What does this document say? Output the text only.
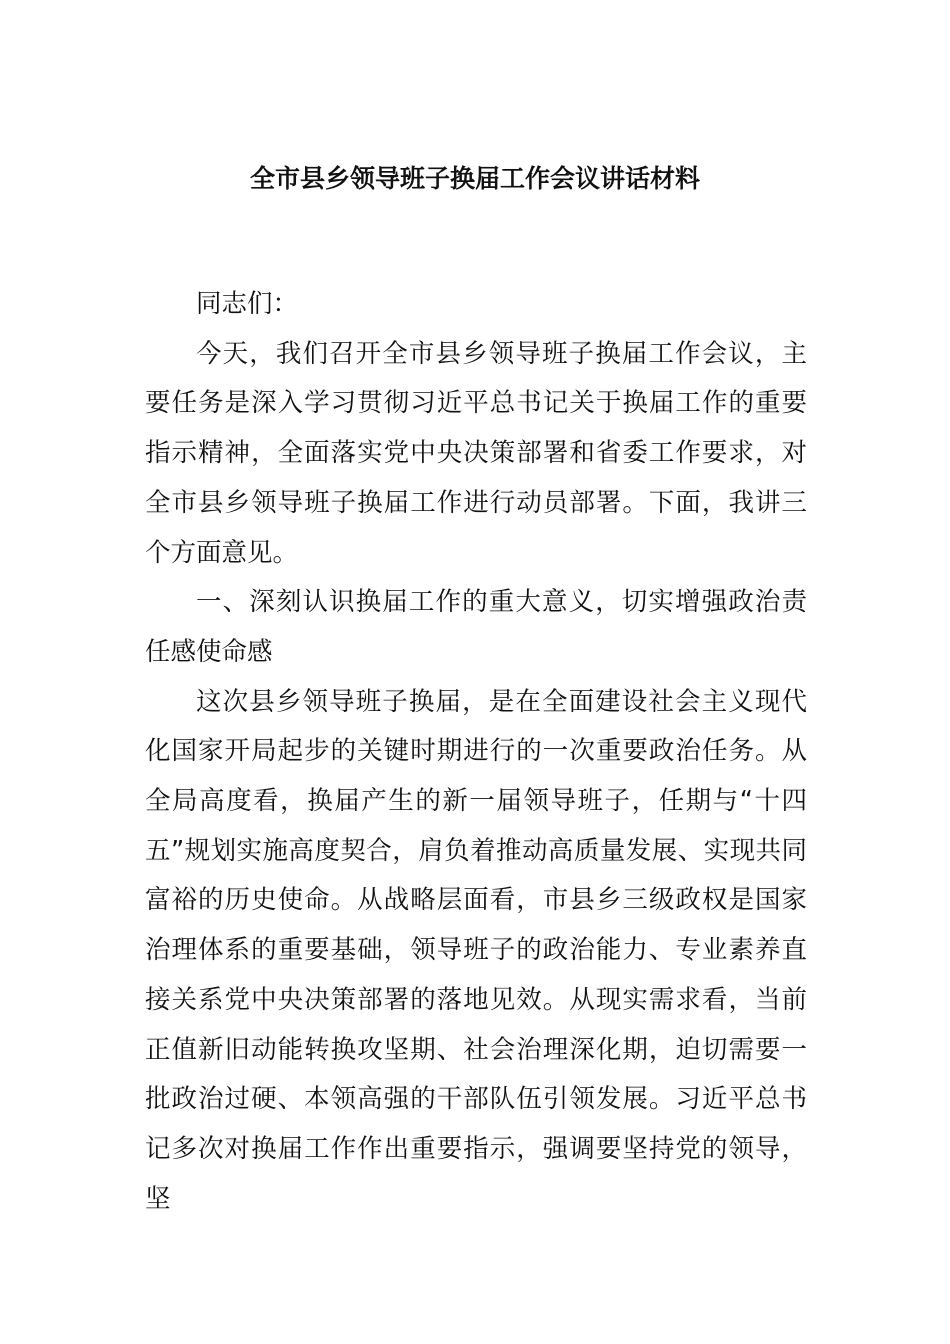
全市县乡领导班子换届工作会议讲话材料

同志们：

今天，我们召开全市县乡领导班子换届工作会议，主要任务是深入学习贯彻习近平总书记关于换届工作的重要指示精神，全面落实党中央决策部署和省委工作要求，对全市县乡领导班子换届工作进行动员部署。下面，我讲三个方面意见。

一、深刻认识换届工作的重大意义，切实增强政治责任感使命感

这次县乡领导班子换届，是在全面建设社会主义现代化国家开局起步的关键时期进行的一次重要政治任务。从全局高度看，换届产生的新一届领导班子，任期与“十四五”规划实施高度契合，肩负着推动高质量发展、实现共同富裕的历史使命。从战略层面看，市县乡三级政权是国家治理体系的重要基础，领导班子的政治能力、专业素养直接关系党中央决策部署的落地见效。从现实需求看，当前正值新旧动能转换攻坚期、社会治理深化期，迫切需要一批政治过硬、本领高强的干部队伍引领发展。习近平总书记多次对换届工作作出重要指示，强调要坚持党的领导，坚
